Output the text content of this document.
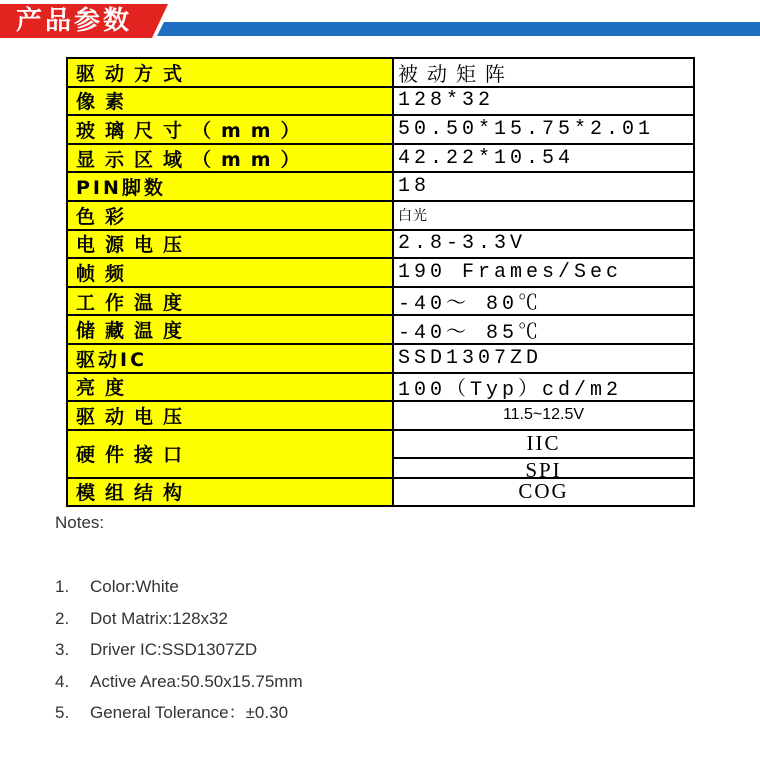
产品参数
驱动方式	被动矩阵
像素	128*32
玻璃尺寸（mm）	50.50*15.75*2.01
显示区域（mm）	42.22*10.54
PIN脚数	18
色彩	白光
电源电压	2.8-3.3V
帧频	190 Frames/Sec
工作温度	-40～ 80℃
储藏温度	-40～ 85℃
驱动IC	SSD1307ZD
亮度	100（Typ）cd/m2
驱动电压	11.5~12.5V
硬件接口	IIC
SPI
模组结构	COG
Notes:
1.	Color:White
2.	Dot Matrix:128x32
3.	Driver IC:SSD1307ZD
4.	Active Area:50.50x15.75mm
5.	General Tolerance：±0.30
